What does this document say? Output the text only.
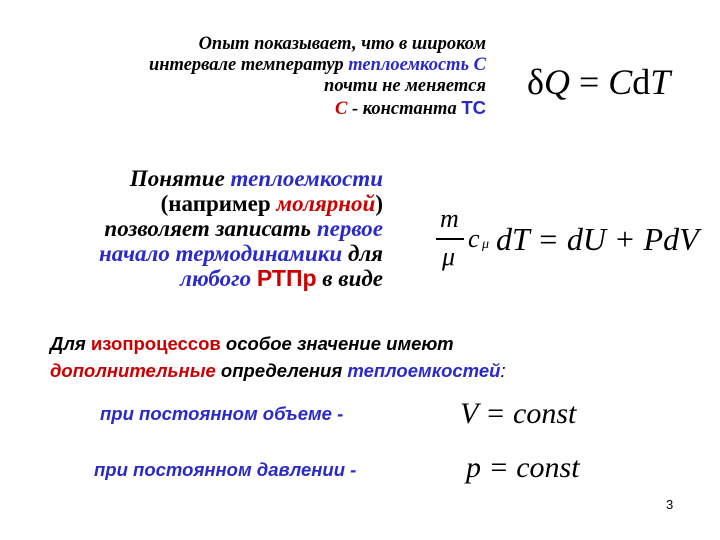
Опыт показывает, что в широком
интервале температур теплоемкость С
почти не меняется
С - константа ТС
δQ = CdT
Понятие теплоемкости
(например молярной)
позволяет записать первое
начало термодинамики для
любого РТПр в виде
m
μ
c μ dT = dU + PdV
Для изопроцессов особое значение имеют
дополнительные определения теплоемкостей:
при постоянном объеме -	V = const
при постоянном давлении -	p = const
3
